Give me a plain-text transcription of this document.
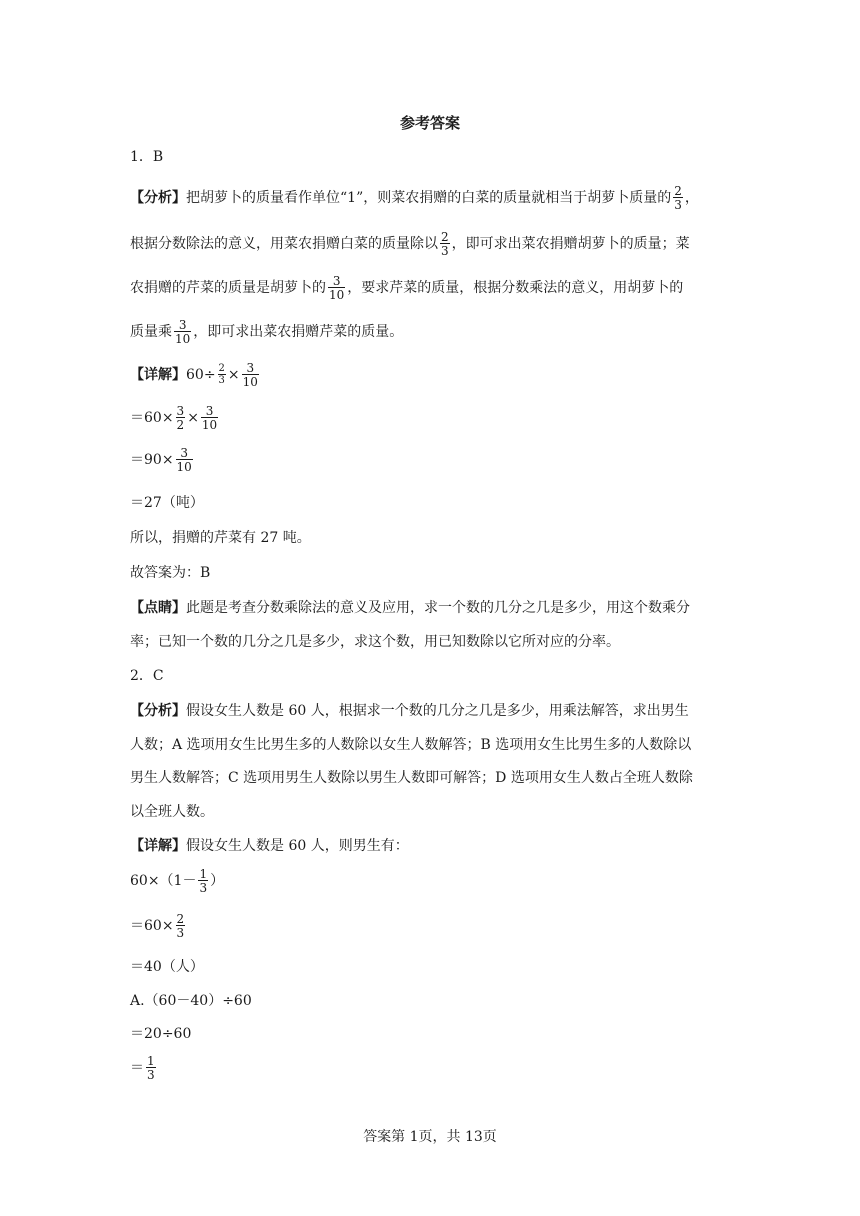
参考答案
1．B
【分析】把胡萝卜的质量看作单位“1”，则菜农捐赠的白菜的质量就相当于胡萝卜质量的 $\frac{2}{3}$ ，
根据分数除法的意义，用菜农捐赠白菜的质量除以 $\frac{2}{3}$ ，即可求出菜农捐赠胡萝卜的质量；菜
农捐赠的芹菜的质量是胡萝卜的 $\frac{3}{10}$ ，要求芹菜的质量，根据分数乘法的意义，用胡萝卜的
质量乘 $\frac{3}{10}$ ，即可求出菜农捐赠芹菜的质量。
【详解】$60\div \frac{2}{3} \times \frac{3}{10}$
$=60\times \frac{3}{2} \times \frac{3}{10}$
$=90\times \frac{3}{10}$
＝27（吨）
所以，捐赠的芹菜有 27 吨。
故答案为：B
【点睛】此题是考查分数乘除法的意义及应用，求一个数的几分之几是多少，用这个数乘分
率；已知一个数的几分之几是多少，求这个数，用已知数除以它所对应的分率。
2．C
【分析】假设女生人数是 60 人，根据求一个数的几分之几是多少，用乘法解答，求出男生
人数；A 选项用女生比男生多的人数除以女生人数解答；B 选项用女生比男生多的人数除以
男生人数解答；C 选项用男生人数除以男生人数即可解答；D 选项用女生人数占全班人数除
以全班人数。
【详解】假设女生人数是 60 人，则男生有：
$60\times(1- \frac{1}{3}$ ）
$=60\times \frac{2}{3}$
＝40（人）
A.（60－40）÷60
＝20÷60
＝ $\frac{1}{3}$
答案第 1页，共 13页
